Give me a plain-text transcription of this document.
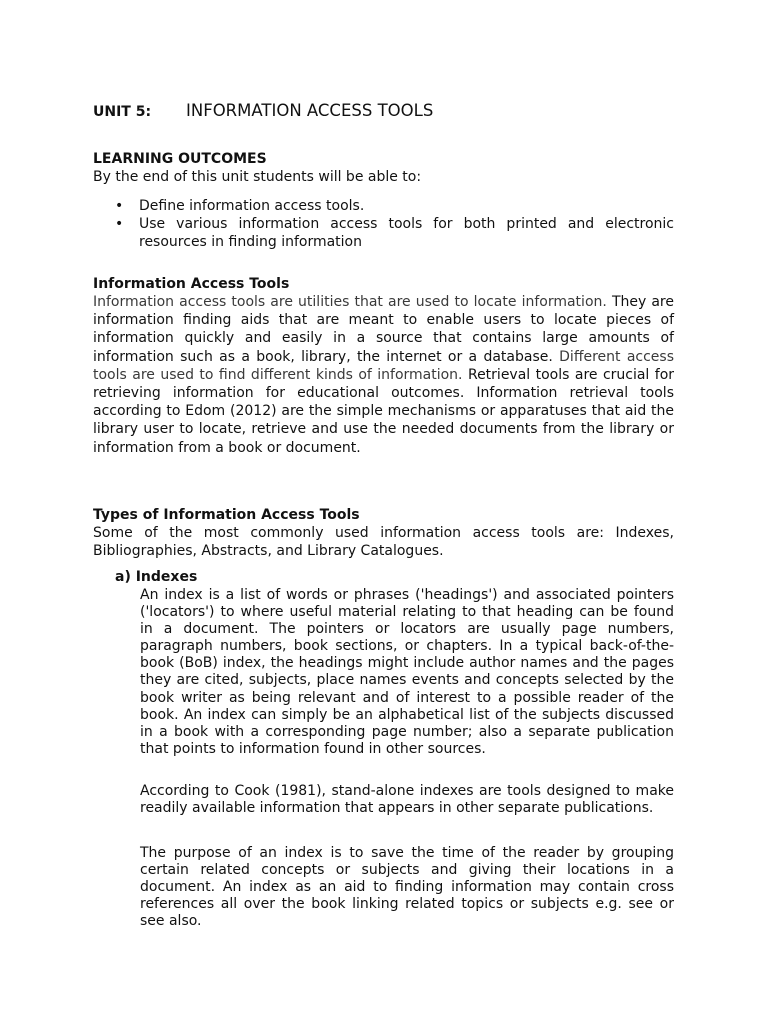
UNIT 5: INFORMATION ACCESS TOOLS
LEARNING OUTCOMES
By the end of this unit students will be able to:
• Define information access tools.
• Use various information access tools for both printed and electronic resources in finding information
Information Access Tools

Information access tools are utilities that are used to locate information. They are information finding aids that are meant to enable users to locate pieces of information quickly and easily in a source that contains large amounts of information such as a book, library, the internet or a database. Different access tools are used to find different kinds of information. Retrieval tools are crucial for retrieving information for educational outcomes. Information retrieval tools according to Edom (2012) are the simple mechanisms or apparatuses that aid the library user to locate, retrieve and use the needed documents from the library or information from a book or document.

Types of Information Access Tools

Some of the most commonly used information access tools are: Indexes, Bibliographies, Abstracts, and Library Catalogues.

a) Indexes

An index is a list of words or phrases ('headings') and associated pointers ('locators') to where useful material relating to that heading can be found in a document. The pointers or locators are usually page numbers, paragraph numbers, book sections, or chapters. In a typical back-of-the-book (BoB) index, the headings might include author names and the pages they are cited, subjects, place names events and concepts selected by the book writer as being relevant and of interest to a possible reader of the book. An index can simply be an alphabetical list of the subjects discussed in a book with a corresponding page number; also a separate publication that points to information found in other sources.

According to Cook (1981), stand-alone indexes are tools designed to make readily available information that appears in other separate publications.

The purpose of an index is to save the time of the reader by grouping certain related concepts or subjects and giving their locations in a document. An index as an aid to finding information may contain cross references all over the book linking related topics or subjects e.g. see or see also.
